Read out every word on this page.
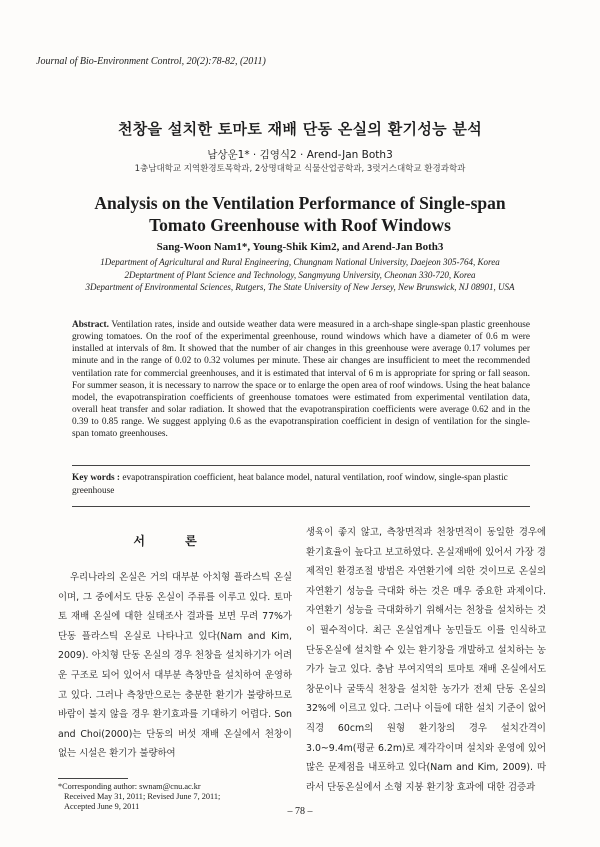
Journal of Bio-Environment Control, 20(2):78-82, (2011)
천창을 설치한 토마토 재배 단동 온실의 환기성능 분석
남상운1* · 김영식2 · Arend-Jan Both3
1충남대학교 지역환경토목학과, 2상명대학교 식물산업공학과, 3럿거스대학교 환경과학과
Analysis on the Ventilation Performance of Single-span
Tomato Greenhouse with Roof Windows
Sang-Woon Nam1*, Young-Shik Kim2, and Arend-Jan Both3
1Department of Agricultural and Rural Engineering, Chungnam National University, Daejeon 305-764, Korea
2Deptartment of Plant Science and Technology, Sangmyung University, Cheonan 330-720, Korea
3Department of Environmental Sciences, Rutgers, The State University of New Jersey, New Brunswick, NJ 08901, USA
Abstract. Ventilation rates, inside and outside weather data were measured in a arch-shape single-span plastic greenhouse growing tomatoes. On the roof of the experimental greenhouse, round windows which have a diameter of 0.6 m were installed at intervals of 8m. It showed that the number of air changes in this greenhouse were average 0.17 volumes per minute and in the range of 0.02 to 0.32 volumes per minute. These air changes are insufficient to meet the recommended ventilation rate for commercial greenhouses, and it is estimated that interval of 6 m is appropriate for spring or fall season. For summer season, it is necessary to narrow the space or to enlarge the open area of roof windows. Using the heat balance model, the evapotranspiration coefficients of greenhouse tomatoes were estimated from experimental ventilation data, overall heat transfer and solar radiation. It showed that the evapotranspiration coefficients were average 0.62 and in the 0.39 to 0.85 range. We suggest applying 0.6 as the evapotranspiration coefficient in design of ventilation for the single-span tomato greenhouses.
Key words : evapotranspiration coefficient, heat balance model, natural ventilation, roof window, single-span plastic greenhouse
서 론
우리나라의 온실은 거의 대부분 아치형 플라스틱 온실이며, 그 중에서도 단동 온실이 주류를 이루고 있다. 토마토 재배 온실에 대한 실태조사 결과를 보면 무려 77%가 단동 플라스틱 온실로 나타나고 있다(Nam and Kim, 2009). 아치형 단동 온실의 경우 천창을 설치하기가 어려운 구조로 되어 있어서 대부분 측창만을 설치하여 운영하고 있다. 그러나 측창만으로는 충분한 환기가 불량하므로 바람이 불지 않을 경우 환기효과를 기대하기 어렵다. Son and Choi(2000)는 단동의 버섯 재배 온실에서 천창이 없는 시설은 환기가 불량하여
생육이 좋지 않고, 측창면적과 천창면적이 동일한 경우에 환기효율이 높다고 보고하였다. 온실재배에 있어서 가장 경제적인 환경조절 방법은 자연환기에 의한 것이므로 온실의 자연환기 성능을 극대화 하는 것은 매우 중요한 과제이다. 자연환기 성능을 극대화하기 위해서는 천창을 설치하는 것이 필수적이다. 최근 온실업계나 농민들도 이를 인식하고 단동온실에 설치할 수 있는 환기창을 개발하고 설치하는 농가가 늘고 있다. 충남 부여지역의 토마토 재배 온실에서도 창문이나 굴뚝식 천창을 설치한 농가가 전체 단동 온실의 32%에 이르고 있다. 그러나 이들에 대한 설치 기준이 없어 직경 60cm의 원형 환기창의 경우 설치간격이 3.0~9.4m(평균 6.2m)로 제각각이며 설치와 운영에 있어 많은 문제점을 내포하고 있다(Nam and Kim, 2009). 따라서 단동온실에서 소형 지붕 환기창 효과에 대한 검증과
*Corresponding author: swnam@cnu.ac.kr
Received May 31, 2011; Revised June 7, 2011;
Accepted June 9, 2011	– 78 –
